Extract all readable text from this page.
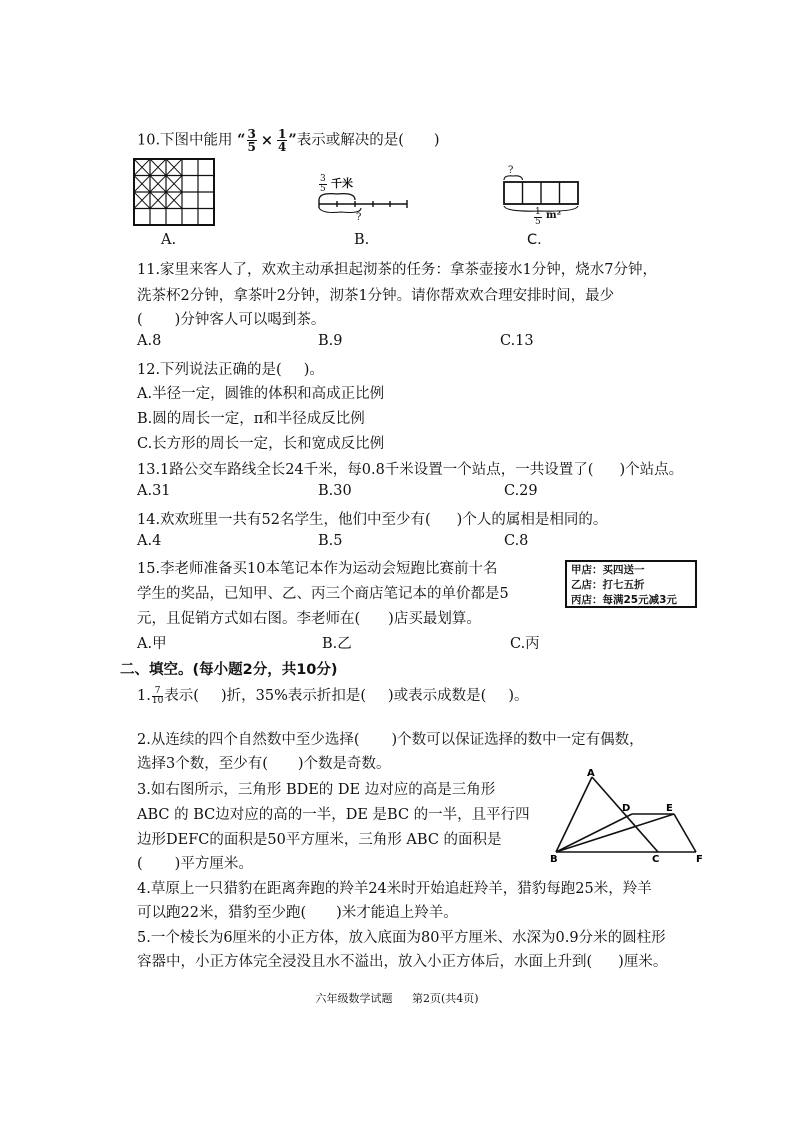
10.下图中能用 “ $\frac{3}{5} \times \frac{1}{4}$ ”表示或解决的是( )
$\frac{3}{5}$ 千米
?
?
$\frac{1}{5} m^2$
A.	B.	C.
11.家里来客人了，欢欢主动承担起沏茶的任务：拿茶壶接水1分钟，烧水7分钟，
洗茶杯2分钟，拿茶叶2分钟，沏茶1分钟。请你帮欢欢合理安排时间，最少
( )分钟客人可以喝到茶。
A.8	B.9	C.13
12.下列说法正确的是( )。
A.半径一定，圆锥的体积和高成正比例
B.圆的周长一定，π和半径成反比例
C.长方形的周长一定，长和宽成反比例
13.1路公交车路线全长24千米，每0.8千米设置一个站点，一共设置了( )个站点。
A.31	B.30	C.29
14.欢欢班里一共有52名学生，他们中至少有( )个人的属相是相同的。
A.4	B.5	C.8
15.李老师准备买10本笔记本作为运动会短跑比赛前十名
学生的奖品，已知甲、乙、丙三个商店笔记本的单价都是5
元，且促销方式如右图。李老师在( )店买最划算。
甲店：买四送一
乙店：打七五折
丙店：每满25元减3元
A.甲	B.乙	C.丙
二、填空。(每小题2分，共10分)
1. $\frac{7}{10}$ 表示( )折，35%表示折扣是( )或表示成数是( )。
2.从连续的四个自然数中至少选择( )个数可以保证选择的数中一定有偶数，
选择3个数，至少有( )个数是奇数。
3.如右图所示，三角形 BDE的 DE 边对应的高是三角形
ABC 的 BC边对应的高的一半，DE 是BC 的一半，且平行四
边形DEFC的面积是50平方厘米，三角形 ABC 的面积是
( )平方厘米。
A
B	C
D	E
F
4.草原上一只猎豹在距离奔跑的羚羊24米时开始追赶羚羊，猎豹每跑25米，羚羊
可以跑22米，猎豹至少跑( )米才能追上羚羊。
5.一个棱长为6厘米的小正方体，放入底面为80平方厘米、水深为0.9分米的圆柱形
容器中，小正方体完全浸没且水不溢出，放入小正方体后，水面上升到( )厘米。
六年级数学试题 第2页(共4页)
